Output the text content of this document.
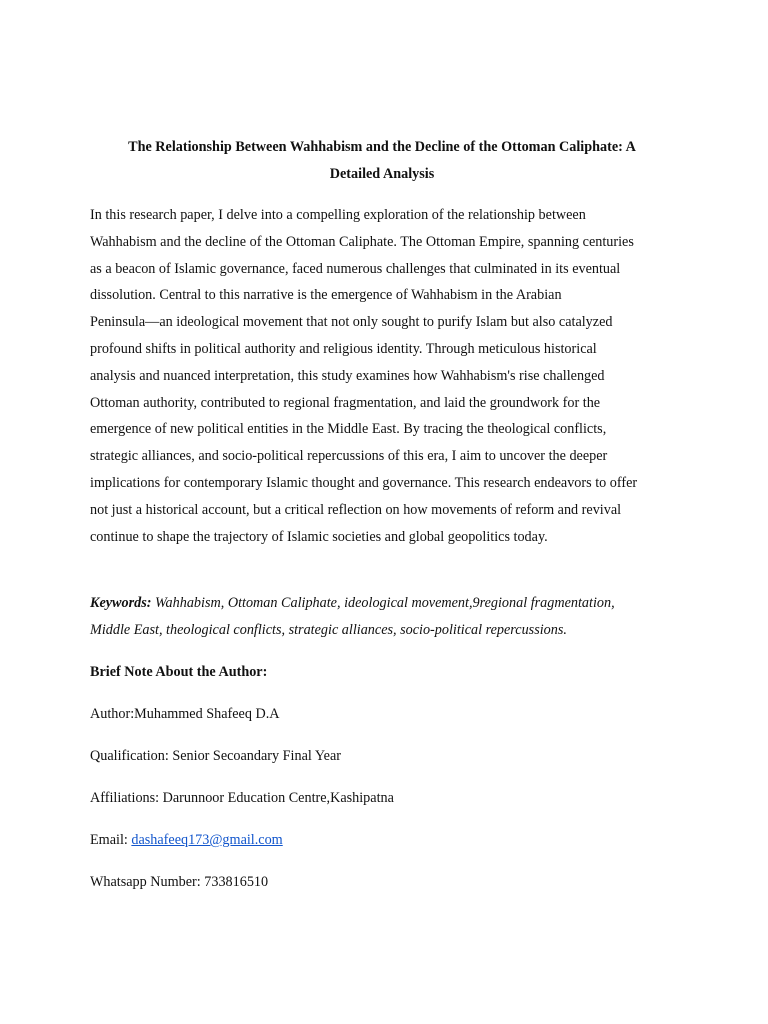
The Relationship Between Wahhabism and the Decline of the Ottoman Caliphate: A
Detailed Analysis

In this research paper, I delve into a compelling exploration of the relationship between
Wahhabism and the decline of the Ottoman Caliphate. The Ottoman Empire, spanning centuries
as a beacon of Islamic governance, faced numerous challenges that culminated in its eventual
dissolution. Central to this narrative is the emergence of Wahhabism in the Arabian
Peninsula—an ideological movement that not only sought to purify Islam but also catalyzed
profound shifts in political authority and religious identity. Through meticulous historical
analysis and nuanced interpretation, this study examines how Wahhabism's rise challenged
Ottoman authority, contributed to regional fragmentation, and laid the groundwork for the
emergence of new political entities in the Middle East. By tracing the theological conflicts,
strategic alliances, and socio-political repercussions of this era, I aim to uncover the deeper
implications for contemporary Islamic thought and governance. This research endeavors to offer
not just a historical account, but a critical reflection on how movements of reform and revival
continue to shape the trajectory of Islamic societies and global geopolitics today.

Keywords: Wahhabism, Ottoman Caliphate, ideological movement,9regional fragmentation,
Middle East, theological conflicts, strategic alliances, socio-political repercussions.

Brief Note About the Author:

Author:Muhammed Shafeeq D.A

Qualification: Senior Secoandary Final Year

Affiliations: Darunnoor Education Centre,Kashipatna

Email: dashafeeq173@gmail.com

Whatsapp Number: 733816510
